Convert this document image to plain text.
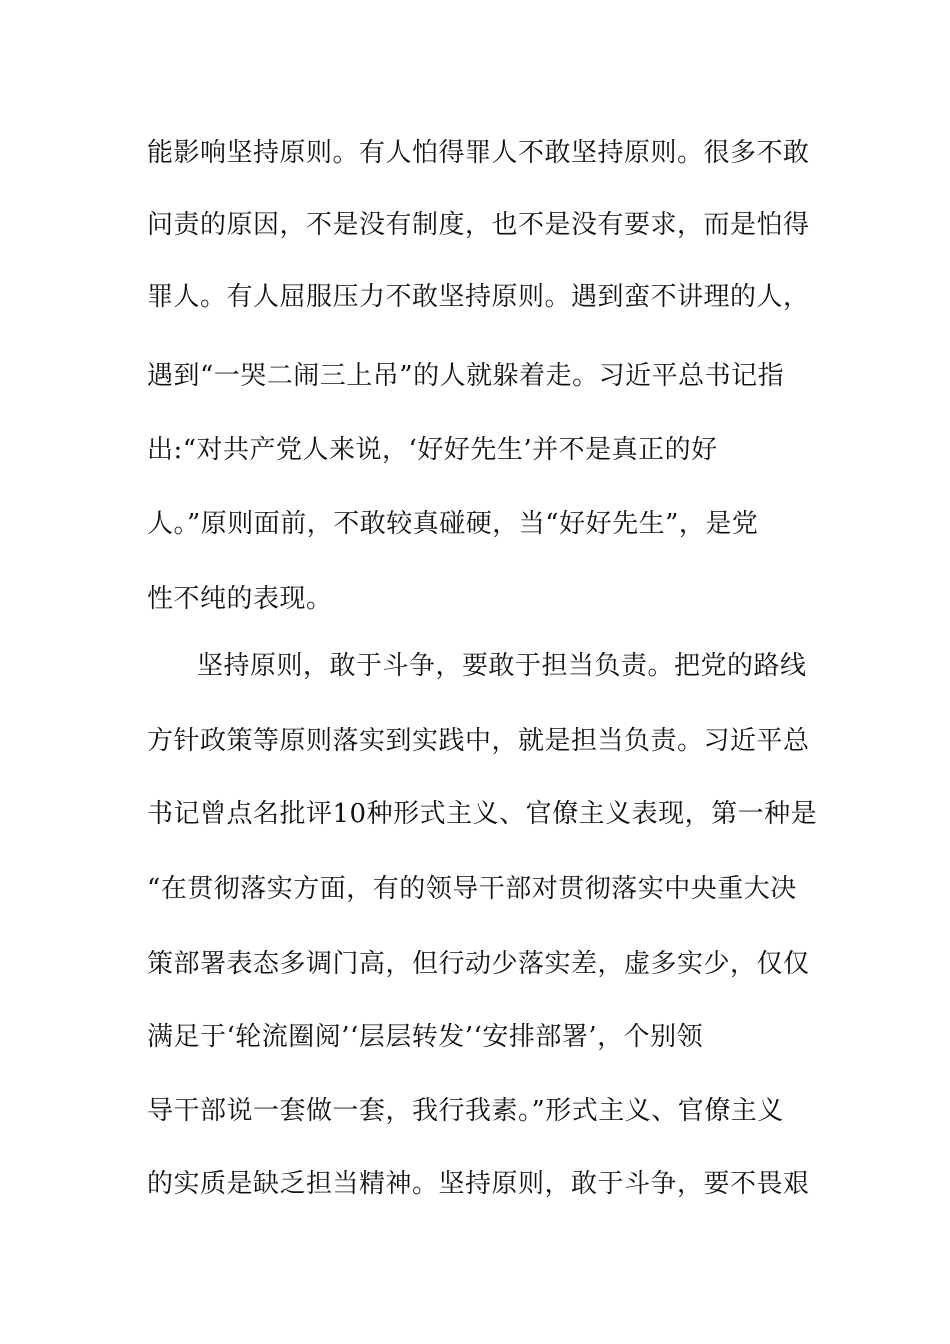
能影响坚持原则。有人怕得罪人不敢坚持原则。很多不敢

问责的原因，不是没有制度，也不是没有要求，而是怕得

罪人。有人屈服压力不敢坚持原则。遇到蛮不讲理的人，

遇到“一哭二闹三上吊”的人就躲着走。习近平总书记指

出:“对共产党人来说，‘好好先生’并不是真正的好

人。”原则面前，不敢较真碰硬，当“好好先生”，是党

性不纯的表现。

坚持原则，敢于斗争，要敢于担当负责。把党的路线

方针政策等原则落实到实践中，就是担当负责。习近平总

书记曾点名批评10种形式主义、官僚主义表现，第一种是

“在贯彻落实方面，有的领导干部对贯彻落实中央重大决

策部署表态多调门高，但行动少落实差，虚多实少，仅仅

满足于‘轮流圈阅’‘层层转发’‘安排部署’，个别领

导干部说一套做一套，我行我素。”形式主义、官僚主义

的实质是缺乏担当精神。坚持原则，敢于斗争，要不畏艰
